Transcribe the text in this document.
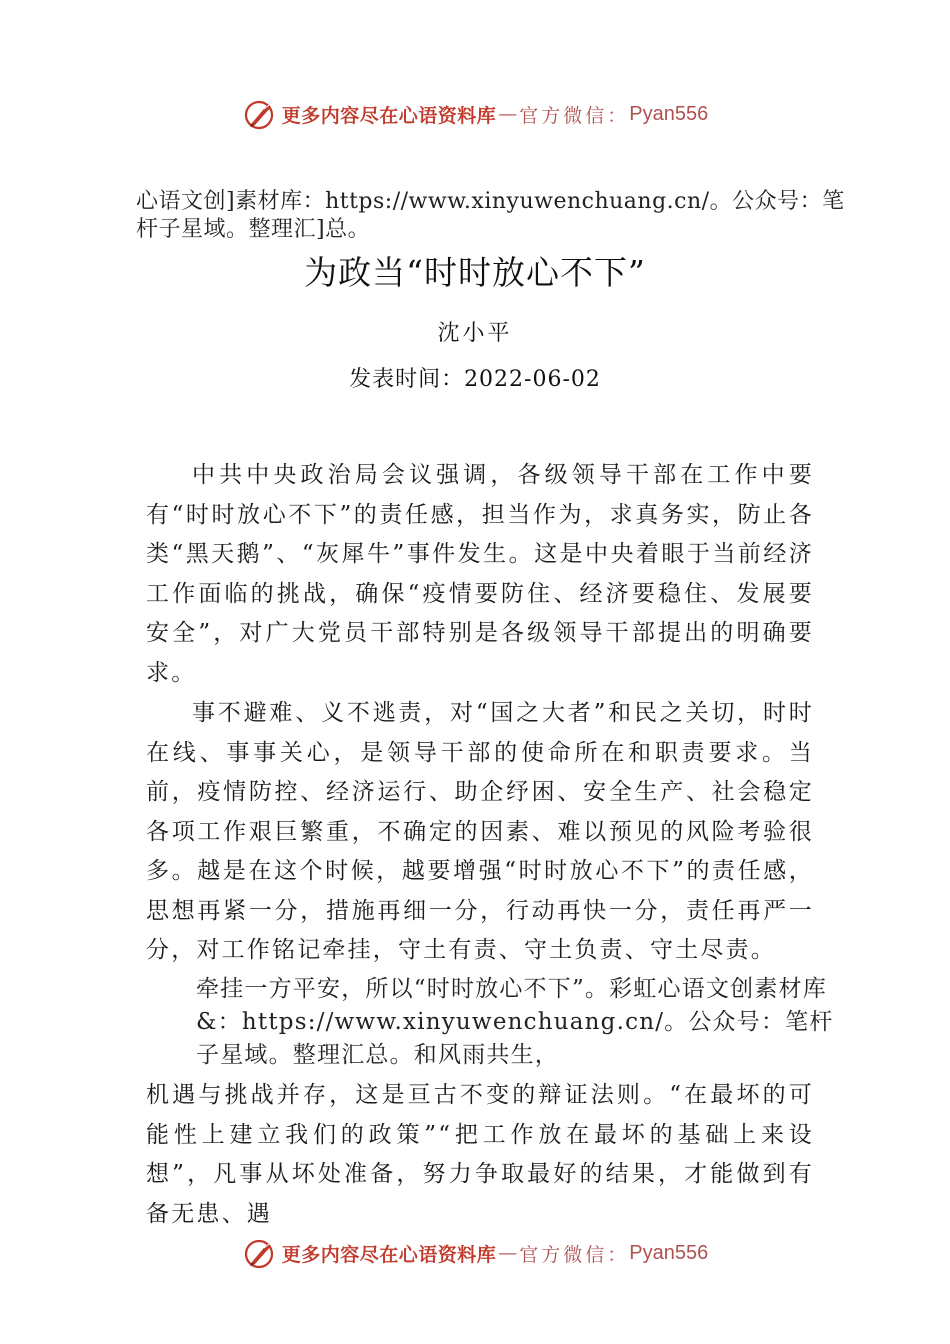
更多内容尽在心语资料库 — 官方微信： Pyan556
心语文创]素材库：https://www.xinyuwenchuang.cn/。公众号：笔杆子星域。整理汇]总。
为政当“时时放心不下”
沈小平
发表时间：2022-06-02
中共中央政治局会议强调，各级领导干部在工作中要有“时时放心不下”的责任感，担当作为，求真务实，防止各类“黑天鹅”、“灰犀牛”事件发生。这是中央着眼于当前经济工作面临的挑战，确保“疫情要防住、经济要稳住、发展要安全”，对广大党员干部特别是各级领导干部提出的明确要求。
事不避难、义不逃责，对“国之大者”和民之关切，时时在线、事事关心，是领导干部的使命所在和职责要求。当前，疫情防控、经济运行、助企纾困、安全生产、社会稳定各项工作艰巨繁重，不确定的因素、难以预见的风险考验很多。越是在这个时候，越要增强“时时放心不下”的责任感，思想再紧一分，措施再细一分，行动再快一分，责任再严一分，对工作铭记牵挂，守土有责、守土负责、守土尽责。
牵挂一方平安，所以“时时放心不下”。彩虹心语文创素材库&：https://www.xinyuwenchuang.cn/。公众号：笔杆子星域。整理汇总。和风雨共生，
机遇与挑战并存，这是亘古不变的辩证法则。“在最坏的可能性上建立我们的政策”“把工作放在最坏的基础上来设想”，凡事从坏处准备，努力争取最好的结果，才能做到有备无患、遇
更多内容尽在心语资料库 — 官方微信： Pyan556
